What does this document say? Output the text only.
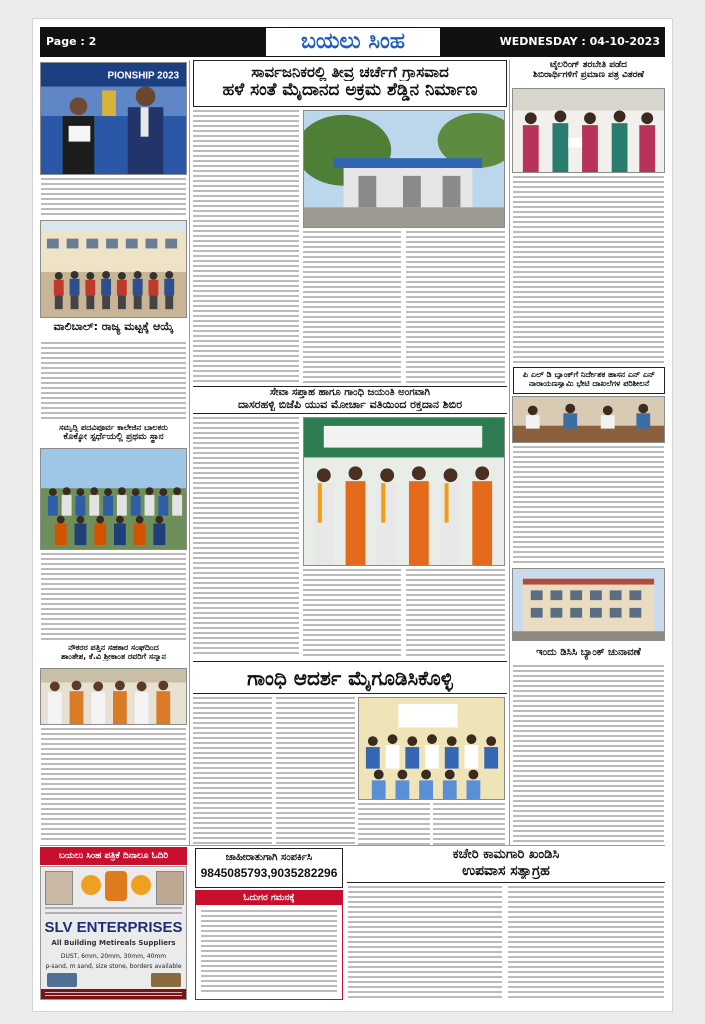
Page : 2	ಬಯಲು ಸಿಂಹ	WEDNESDAY : 04-10-2023
PIONSHIP 2023
ವಾಲಿಬಾಲ್: ರಾಜ್ಯ ಮಟ್ಟಕ್ಕೆ ಆಯ್ಕೆ
ಸಮೃದ್ಧಿ ಪದವಿಪೂರ್ವ ಕಾಲೇಜಿನ ಬಾಲಕರು
ಕೊಕ್ಕೋ ಸ್ಪರ್ಧೆಯಲ್ಲಿ ಪ್ರಥಮ ಸ್ಥಾನ
ನೌಕರರ ಪತ್ತಿನ ಸಹಕಾರ ಸಂಘದಿಂದ
ಶಾಂತೇಶ, ಕೆ.ವಿ ಶ್ರೀಕಾಂತ ರವರಿಗೆ ಸನ್ಮಾನ
ಬಯಲು ಸಿಂಹ ಪತ್ರಿಕೆ ದಿನಾಲೂ ಓದಿರಿ
SLV ENTERPRISES
All Building Metireals Suppliers
DUST, 6mm, 20mm, 30mm, 40mm
p-sand, m sand, size stone, borders available
ಸಾರ್ವಜನಿಕರಲ್ಲಿ ತೀವ್ರ ಚರ್ಚೆಗೆ ಗ್ರಾಸವಾದ
ಹಳೆ ಸಂತೆ ಮೈದಾನದ ಅಕ್ರಮ ಶೆಡ್ಡಿನ ನಿರ್ಮಾಣ
ಸೇವಾ ಸಪ್ತಾಹ ಹಾಗೂ ಗಾಂಧಿ ಜಯಂತಿ ಅಂಗವಾಗಿ
ದಾಸರಹಳ್ಳಿ ಬಿಜೆಪಿ ಯುವ ಮೋರ್ಚಾ ವತಿಯಿಂದ ರಕ್ತದಾನ ಶಿಬಿರ
ಗಾಂಧಿ ಆದರ್ಶ ಮೈಗೂಡಿಸಿಕೊಳ್ಳಿ
ಜಾಹೀರಾತುಗಾಗಿ ಸಂಪರ್ಕಿಸಿ
9845085793,9035282296
ಓದುಗರ ಗಮನಕ್ಕೆ
ಕಚೇರಿ ಕಾಮಗಾರಿ ಖಂಡಿಸಿ
ಉಪವಾಸ ಸತ್ಯಾಗ್ರಹ
ಟೈಲರಿಂಗ್ ತರಬೇತಿ ಪಡೆದ
ಶಿಬಿರಾರ್ಥಿಗಳಿಗೆ ಪ್ರಮಾಣ ಪತ್ರ ವಿತರಣೆ
ಪಿ ಎಲ್ ಡಿ ಬ್ಯಾಂಕ್‌ಗೆ ನಿರ್ದೇಶಕ ಹಾಸನ ಎನ್ ಎನ್
ನಾರಾಯಣಸ್ವಾಮಿ ಭೇಟಿ ದಾಖಲೆಗಳ ಪರಿಶೀಲನೆ
ಇಂದು ಡಿಸಿಸಿ ಬ್ಯಾಂಕ್ ಚುನಾವಣೆ
